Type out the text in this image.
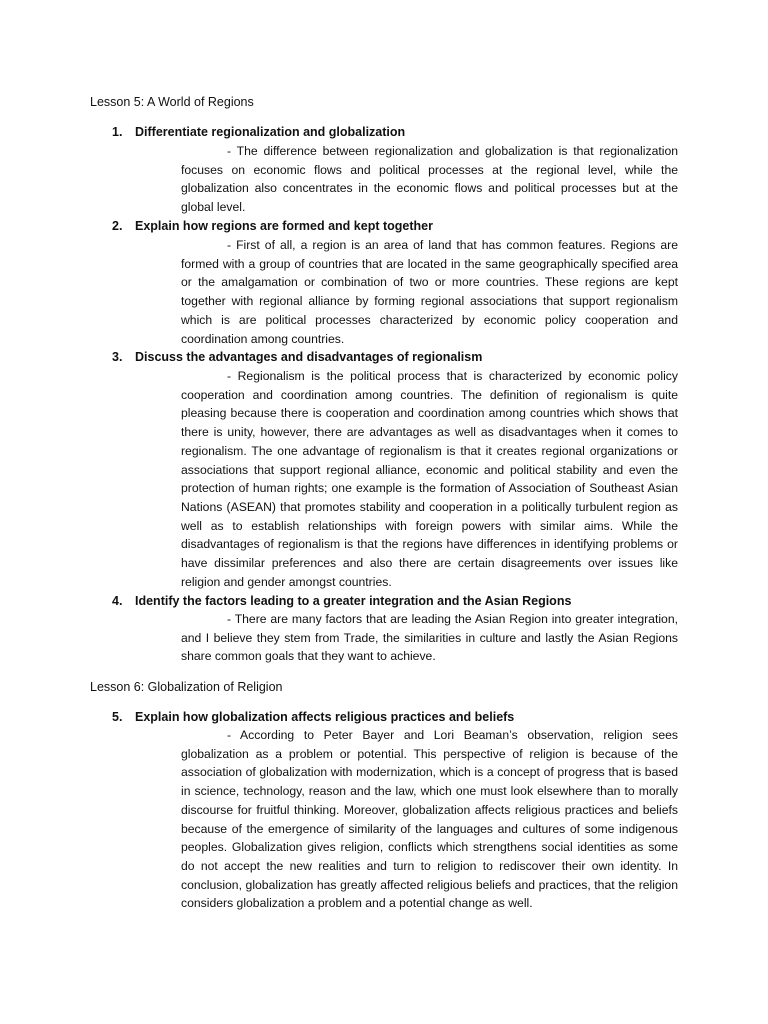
Lesson 5: A World of Regions
1. Differentiate regionalization and globalization

- The difference between regionalization and globalization is that regionalization focuses on economic flows and political processes at the regional level, while the globalization also concentrates in the economic flows and political processes but at the global level.

2. Explain how regions are formed and kept together

- First of all, a region is an area of land that has common features. Regions are formed with a group of countries that are located in the same geographically specified area or the amalgamation or combination of two or more countries. These regions are kept together with regional alliance by forming regional associations that support regionalism which is are political processes characterized by economic policy cooperation and coordination among countries.

3. Discuss the advantages and disadvantages of regionalism

- Regionalism is the political process that is characterized by economic policy cooperation and coordination among countries. The definition of regionalism is quite pleasing because there is cooperation and coordination among countries which shows that there is unity, however, there are advantages as well as disadvantages when it comes to regionalism. The one advantage of regionalism is that it creates regional organizations or associations that support regional alliance, economic and political stability and even the protection of human rights; one example is the formation of Association of Southeast Asian Nations (ASEAN) that promotes stability and cooperation in a politically turbulent region as well as to establish relationships with foreign powers with similar aims. While the disadvantages of regionalism is that the regions have differences in identifying problems or have dissimilar preferences and also there are certain disagreements over issues like religion and gender amongst countries.

4. Identify the factors leading to a greater integration and the Asian Regions

- There are many factors that are leading the Asian Region into greater integration, and I believe they stem from Trade, the similarities in culture and lastly the Asian Regions share common goals that they want to achieve.

Lesson 6: Globalization of Religion
5. Explain how globalization affects religious practices and beliefs

- According to Peter Bayer and Lori Beaman’s observation, religion sees globalization as a problem or potential. This perspective of religion is because of the association of globalization with modernization, which is a concept of progress that is based in science, technology, reason and the law, which one must look elsewhere than to morally discourse for fruitful thinking. Moreover, globalization affects religious practices and beliefs because of the emergence of similarity of the languages and cultures of some indigenous peoples. Globalization gives religion, conflicts which strengthens social identities as some do not accept the new realities and turn to religion to rediscover their own identity. In conclusion, globalization has greatly affected religious beliefs and practices, that the religion considers globalization a problem and a potential change as well.
